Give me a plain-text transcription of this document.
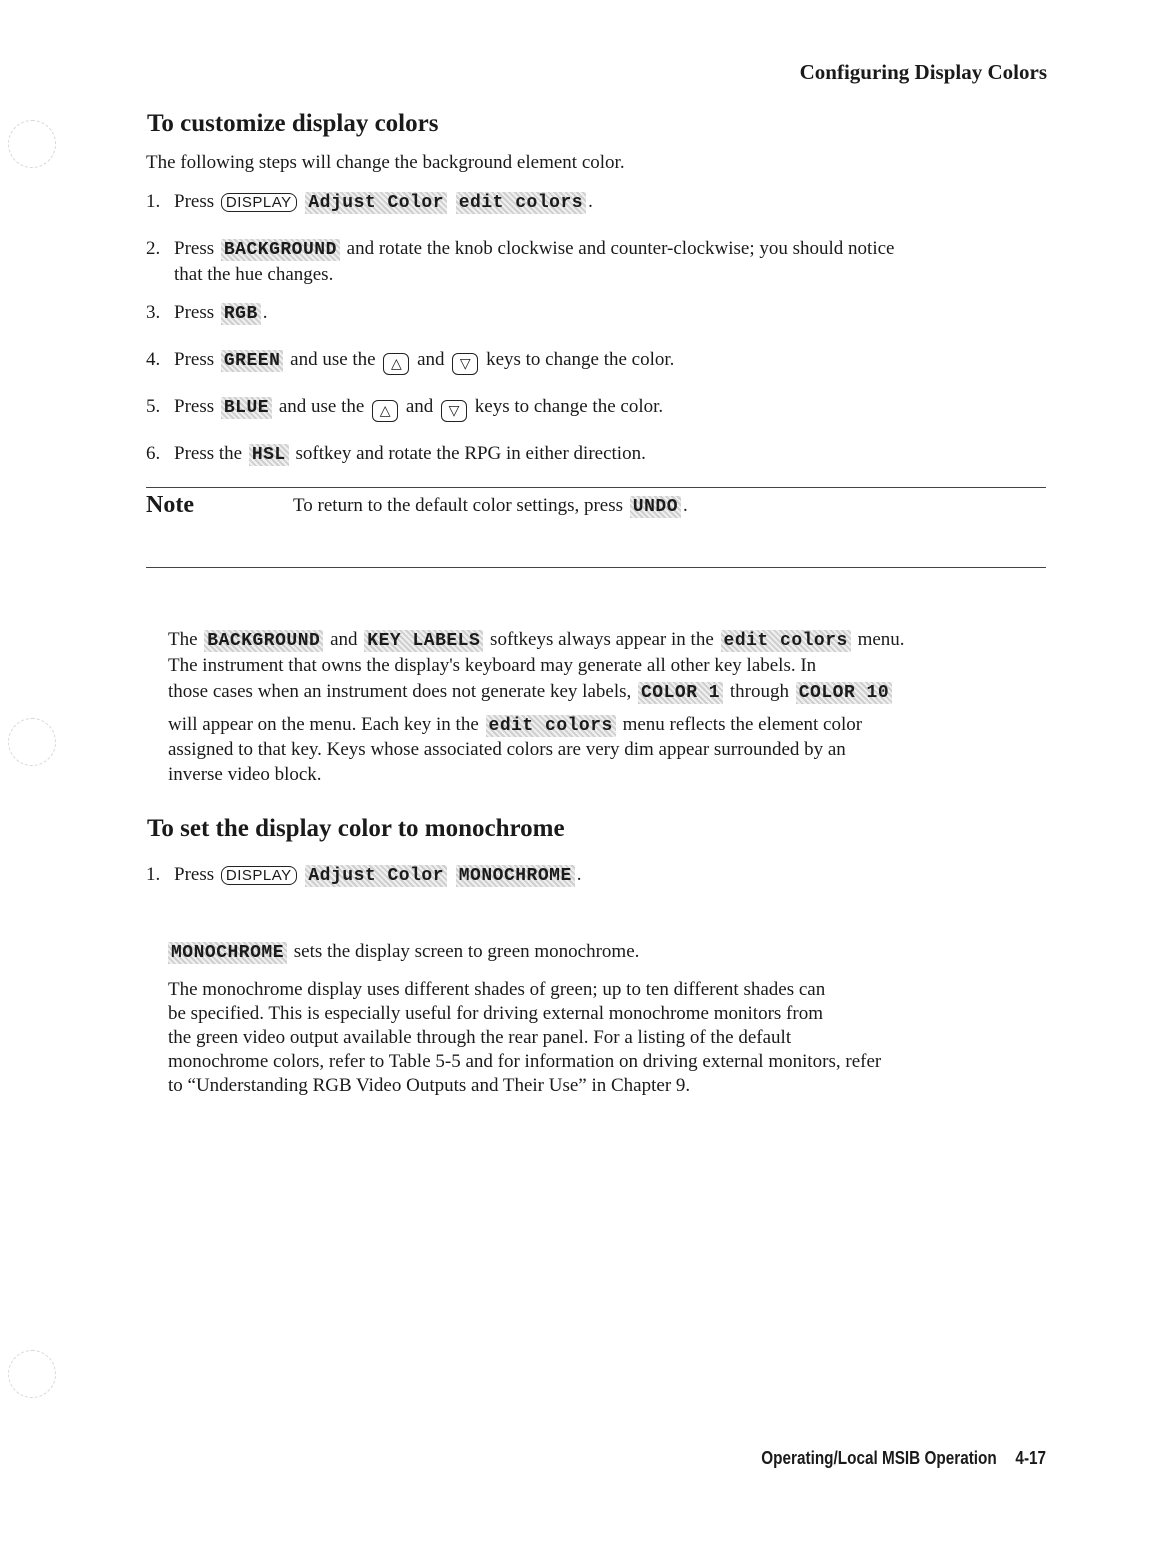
Configuring Display Colors
To customize display colors

The following steps will change the background element color.

1. Press DISPLAY Adjust Color edit colors .
2. Press BACKGROUND and rotate the knob clockwise and counter-clockwise; you should notice
that the hue changes.
3. Press RGB .
4. Press GREEN and use the △ and ▽ keys to change the color.
5. Press BLUE and use the △ and ▽ keys to change the color.
6. Press the HSL softkey and rotate the RPG in either direction.
Note	To return to the default color settings, press UNDO .
The BACKGROUND and KEY LABELS softkeys always appear in the edit colors menu.
The instrument that owns the display's keyboard may generate all other key labels. In
those cases when an instrument does not generate key labels, COLOR 1 through COLOR 10
will appear on the menu. Each key in the edit colors menu reflects the element color
assigned to that key. Keys whose associated colors are very dim appear surrounded by an
inverse video block.
To set the display color to monochrome
1. Press DISPLAY Adjust Color MONOCHROME .
MONOCHROME sets the display screen to green monochrome.
The monochrome display uses different shades of green; up to ten different shades can
be specified. This is especially useful for driving external monochrome monitors from
the green video output available through the rear panel. For a listing of the default
monochrome colors, refer to Table 5-5 and for information on driving external monitors, refer
to “Understanding RGB Video Outputs and Their Use” in Chapter 9.
Operating/Local MSIB Operation 4-17
